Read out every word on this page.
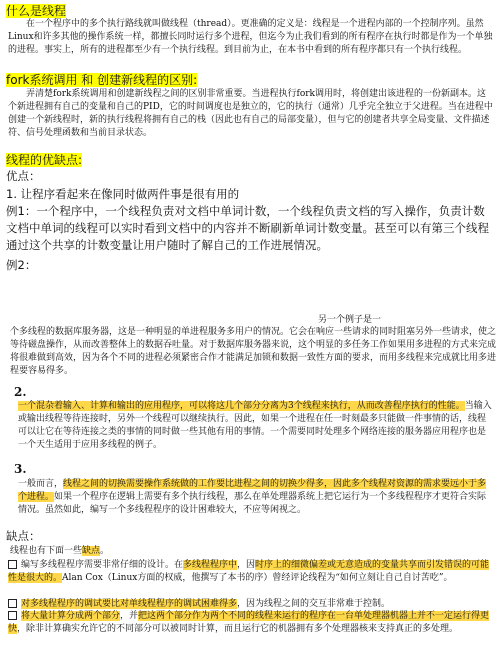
什么是线程

在一个程序中的多个执行路线就叫做线程（thread）。更准确的定义是：线程是一个进程内部的一个控制序列。虽然Linux和许多其他的操作系统一样，都擅长同时运行多个进程，但迄今为止我们看到的所有程序在执行时都是作为一个单独的进程。事实上，所有的进程都至少有一个执行线程。到目前为止，在本书中看到的所有程序都只有一个执行线程。

fork系统调用 和 创建新线程的区别:

弄清楚fork系统调用和创建新线程之间的区别非常重要。当进程执行fork调用时，将创建出该进程的一份新副本。这个新进程拥有自己的变量和自己的PID，它的时间调度也是独立的，它的执行（通常）几乎完全独立于父进程。当在进程中创建一个新线程时，新的执行线程将拥有自己的栈（因此也有自己的局部变量），但与它的创建者共享全局变量、文件描述符、信号处理函数和当前目录状态。

线程的优缺点:
优点：
1. 让程序看起来在像同时做两件事是很有用的

例1：一个程序中，一个线程负责对文档中单词计数，一个线程负责文档的写入操作，负责计数文档中单词的线程可以实时看到文档中的内容并不断刷新单词计数变量。甚至可以有第三个线程通过这个共享的计数变量让用户随时了解自己的工作进展情况。

例2：
另一个例子是一

个多线程的数据库服务器，这是一种明显的单进程服务多用户的情况。它会在响应一些请求的同时阻塞另外一些请求，使之等待磁盘操作，从而改善整体上的数据吞吐量。对于数据库服务器来说，这个明显的多任务工作如果用多进程的方式来完成将很难做到高效，因为各个不同的进程必须紧密合作才能满足加锁和数据一致性方面的要求，而用多线程来完成就比用多进程要容易得多。

2.

一个混杂着输入、计算和输出的应用程序，可以将这几个部分分离为3个线程来执行，从而改善程序执行的性能。当输入或输出线程等待连接时，另外一个线程可以继续执行。因此，如果一个进程在任一时刻最多只能做一件事情的话，线程可以让它在等待连接之类的事情的同时做一些其他有用的事情。一个需要同时处理多个网络连接的服务器应用程序也是一个天生适用于应用多线程的例子。

3.

一般而言，线程之间的切换需要操作系统做的工作要比进程之间的切换少得多，因此多个线程对资源的需求要远小于多个进程。如果一个程序在逻辑上需要有多个执行线程，那么在单处理器系统上把它运行为一个多线程程序才更符合实际情况。虽然如此，编写一个多线程程序的设计困难较大，不应等闲视之。

缺点：

线程也有下面一些缺点。

编写多线程程序需要非常仔细的设计。在多线程程序中，因时序上的细微偏差或无意造成的变量共享而引发错误的可能性是很大的。Alan Cox（Linux方面的权威，他撰写了本书的序）曾经评论线程为“如何立刻让自己自讨苦吃”。

对多线程程序的调试要比对单线程程序的调试困难得多，因为线程之间的交互非常难于控制。

将大量计算分成两个部分，并把这两个部分作为两个不同的线程来运行的程序在一台单处理器机器上并不一定运行得更快，除非计算确实允许它的不同部分可以被同时计算，而且运行它的机器拥有多个处理器核来支持真正的多处理。
